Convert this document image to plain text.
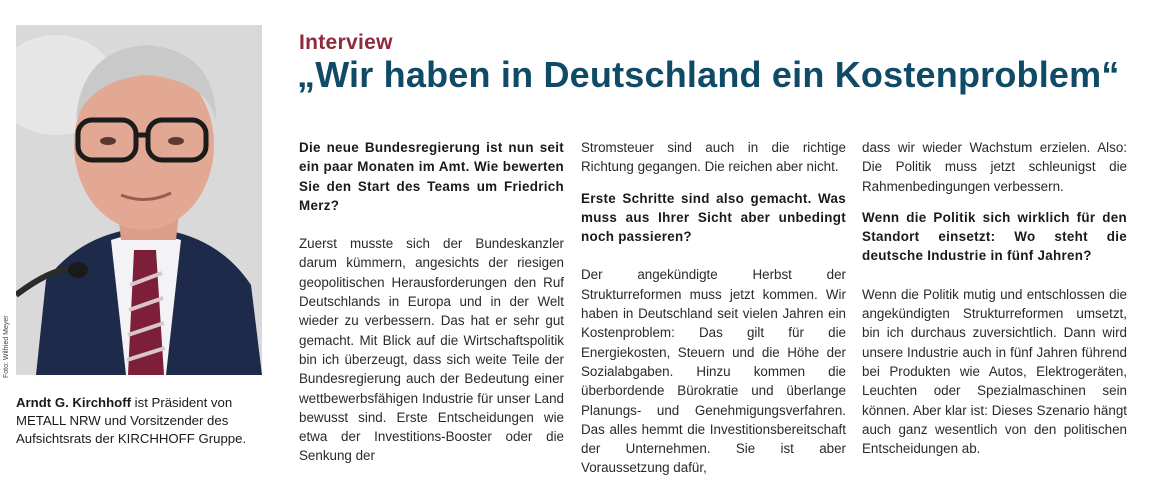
Foto: Wilfried Meyer
Arndt G. Kirchhoff ist Präsident von METALL NRW und Vorsitzender des Aufsichtsrats der KIRCHHOFF Gruppe.
Interview
„Wir haben in Deutschland ein Kostenproblem“

Die neue Bundesregierung ist nun seit ein paar Monaten im Amt. Wie bewerten Sie den Start des Teams um Friedrich Merz?

Zuerst musste sich der Bundeskanzler darum kümmern, angesichts der riesigen geopolitischen Herausforderungen den Ruf Deutschlands in Europa und in der Welt wieder zu verbessern. Das hat er sehr gut gemacht. Mit Blick auf die Wirtschaftspolitik bin ich überzeugt, dass sich weite Teile der Bundesregierung auch der Bedeutung einer wettbewerbsfähigen Industrie für unser Land bewusst sind. Erste Entscheidungen wie etwa der Investitions-Booster oder die Senkung der

Stromsteuer sind auch in die richtige Richtung gegangen. Die reichen aber nicht.

Erste Schritte sind also gemacht. Was muss aus Ihrer Sicht aber unbedingt noch passieren?

Der angekündigte Herbst der Strukturreformen muss jetzt kommen. Wir haben in Deutschland seit vielen Jahren ein Kostenproblem: Das gilt für die Energiekosten, Steuern und die Höhe der Sozialabgaben. Hinzu kommen die überbordende Bürokratie und überlange Planungs- und Genehmigungsverfahren. Das alles hemmt die Investitionsbereitschaft der Unternehmen. Sie ist aber Voraussetzung dafür,

dass wir wieder Wachstum erzielen. Also: Die Politik muss jetzt schleunigst die Rahmenbedingungen verbessern.

Wenn die Politik sich wirklich für den Standort einsetzt: Wo steht die deutsche Industrie in fünf Jahren?

Wenn die Politik mutig und entschlossen die angekündigten Strukturreformen umsetzt, bin ich durchaus zuversichtlich. Dann wird unsere Industrie auch in fünf Jahren führend bei Produkten wie Autos, Elektrogeräten, Leuchten oder Spezialmaschinen sein können. Aber klar ist: Dieses Szenario hängt auch ganz wesentlich von den politischen Entscheidungen ab.
